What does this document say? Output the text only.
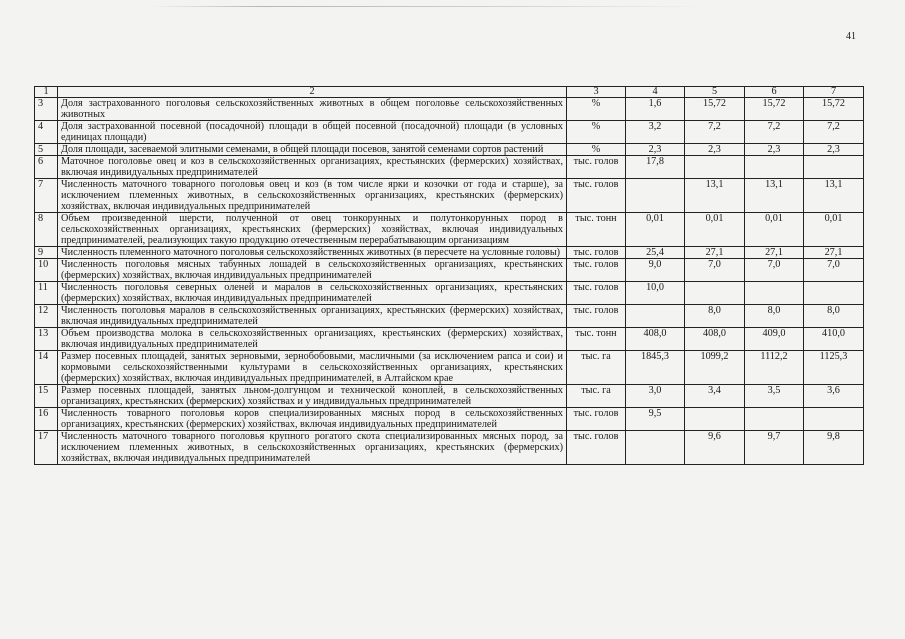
41
1	2	3	4	5	6	7
3	Доля застрахованного поголовья сельскохозяйственных животных в общем поголовье сельскохозяйственных животных	%	1,6	15,72	15,72	15,72
4	Доля застрахованной посевной (посадочной) площади в общей посевной (посадочной) площади (в условных единицах площади)	%	3,2	7,2	7,2	7,2
5	Доля площади, засеваемой элитными семенами, в общей площади посевов, занятой семенами сортов растений	%	2,3	2,3	2,3	2,3
6	Маточное поголовье овец и коз в сельскохозяйственных организациях, крестьянских (фермерских) хозяйствах, включая индивидуальных предпринимателей	тыс. голов	17,8			
7	Численность маточного товарного поголовья овец и коз (в том числе ярки и козочки от года и старше), за исключением племенных животных, в сельскохозяйственных организациях, крестьянских (фермерских) хозяйствах, включая индивидуальных предпринимателей	тыс. голов		13,1	13,1	13,1
8	Объем произведенной шерсти, полученной от овец тонкорунных и полутонкорунных пород в сельскохозяйственных организациях, крестьянских (фермерских) хозяйствах, включая индивидуальных предпринимателей, реализующих такую продукцию отечественным перерабатывающим организациям	тыс. тонн	0,01	0,01	0,01	0,01
9	Численность племенного маточного поголовья сельскохозяйственных животных (в пересчете на условные головы)	тыс. голов	25,4	27,1	27,1	27,1
10	Численность поголовья мясных табунных лошадей в сельскохозяйственных организациях, крестьянских (фермерских) хозяйствах, включая индивидуальных предпринимателей	тыс. голов	9,0	7,0	7,0	7,0
11	Численность поголовья северных оленей и маралов в сельскохозяйственных организациях, крестьянских (фермерских) хозяйствах, включая индивидуальных предпринимателей	тыс. голов	10,0			
12	Численность поголовья маралов в сельскохозяйственных организациях, крестьянских (фермерских) хозяйствах, включая индивидуальных предпринимателей	тыс. голов		8,0	8,0	8,0
13	Объем производства молока в сельскохозяйственных организациях, крестьянских (фермерских) хозяйствах, включая индивидуальных предпринимателей	тыс. тонн	408,0	408,0	409,0	410,0
14	Размер посевных площадей, занятых зерновыми, зернобобовыми, масличными (за исключением рапса и сои) и кормовыми сельскохозяйственными культурами в сельскохозяйственных организациях, крестьянских (фермерских) хозяйствах, включая индивидуальных предпринимателей, в Алтайском крае	тыс. га	1845,3	1099,2	1112,2	1125,3
15	Размер посевных площадей, занятых льном-долгунцом и технической коноплей, в сельскохозяйственных организациях, крестьянских (фермерских) хозяйствах и у индивидуальных предпринимателей	тыс. га	3,0	3,4	3,5	3,6
16	Численность товарного поголовья коров специализированных мясных пород в сельскохозяйственных организациях, крестьянских (фермерских) хозяйствах, включая индивидуальных предпринимателей	тыс. голов	9,5			
17	Численность маточного товарного поголовья крупного рогатого скота специализированных мясных пород, за исключением племенных животных, в сельскохозяйственных организациях, крестьянских (фермерских) хозяйствах, включая индивидуальных предпринимателей	тыс. голов		9,6	9,7	9,8
